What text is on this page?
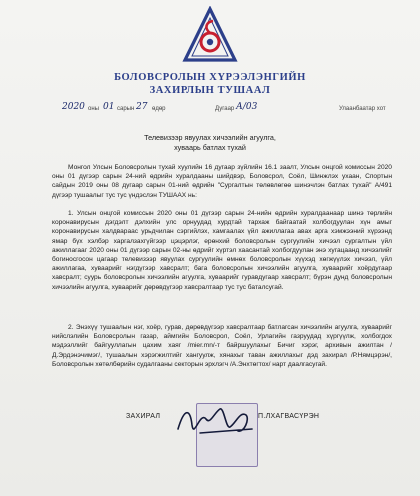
БОЛОВСРОЛЫН ХҮРЭЭЛЭНГИЙН
ЗАХИРЛЫН ТУШААЛ
2020 оны 01 сарын 27 өдөр	Дугаар А/03	Улаанбаатар хот
Телевизээр явуулах хичээлийн агуулга,
хуваарь батлах тухай
Монгол Улсын Боловсролын тухай хуулийн 16 дугаар зүйлийн 16.1 заалт, Улсын онцгой комиссын 2020 оны 01 дүгээр сарын 24-ний өдрийн хуралдааны шийдвэр, Боловсрол, Соёл, Шинжлэх ухаан, Спортын сайдын 2019 оны 08 дугаар сарын 01-ний өдрийн "Сургалтын төлөвлөгөө шинэчлэн батлах тухай" А/491 дүгээр тушаалыг тус тус үндэслэн ТУШААХ нь:
1. Улсын онцгой комиссын 2020 оны 01 дүгээр сарын 24-нийн өдрийн хуралдаанаар шинэ төрлийн коронавирусын дэгдэлт дэлхийн улс орнуудад хурдтай тархаж байгаатай холбогдуулан хүн амыг коронавирусын халдвараас урьдчилан сэргийлэх, хамгаалах үйл ажиллагаа авах арга хэмжээний хүрээнд ямар бүх хэлбэр харгалзахгүйгээр цэцэрлэг, ерөнхий боловсролын сургуулийн хичээл сургалтын үйл ажиллагааг 2020 оны 01 дүгээр сарын 02-ны өдрийг хүртэл хаасантай холбогдуулан энэ хугацаанд хичээлийг богиносгосон цагаар телевизээр явуулах сургуулийн өмнөх боловсролын хүүхэд хөгжүүлэх хичээл, үйл ажиллагаа, хуваарийг нэгдүгээр хавсралт; бага боловсролын хичээлийн агуулга, хуваарийг хоёрдугаар хавсралт; суурь боловсролын хичээлийн агуулга, хуваарийг гуравдугаар хавсралт; бүрэн дунд боловсролын хичээлийн агуулга, хуваарийг дөрөвдүгээр хавсралтаар тус тус баталсугай.
2. Энэхүү тушаалын нэг, хоёр, гурав, дөрөвдүгээр хавсралтаар батлагсан хичээлийн агуулга, хуваарийг нийслэлийн Боловсролын газар, аймгийн Боловсрол, Соёл, Урлагийн газруудад хүргүүлж, холбогдох мэдээллийг байгууллагын цахим хаяг /mier.mn/-т байршуулахыг Бичиг хэрэг, архивын ажилтан /Д.Эрдэнэчимэг/, тушаалын хэрэгжилтийг хангуулж, хянахыг таван ажиллахыг дэд захирал /Р.Нямцэрэн/, Боловсролын хөтөлбөрийн судалгааны секторын эрхлэгч /А.Энхтөгтох/ нарт даалгасугай.
ЗАХИРАЛ	П.ЛХАГВАСҮРЭН
